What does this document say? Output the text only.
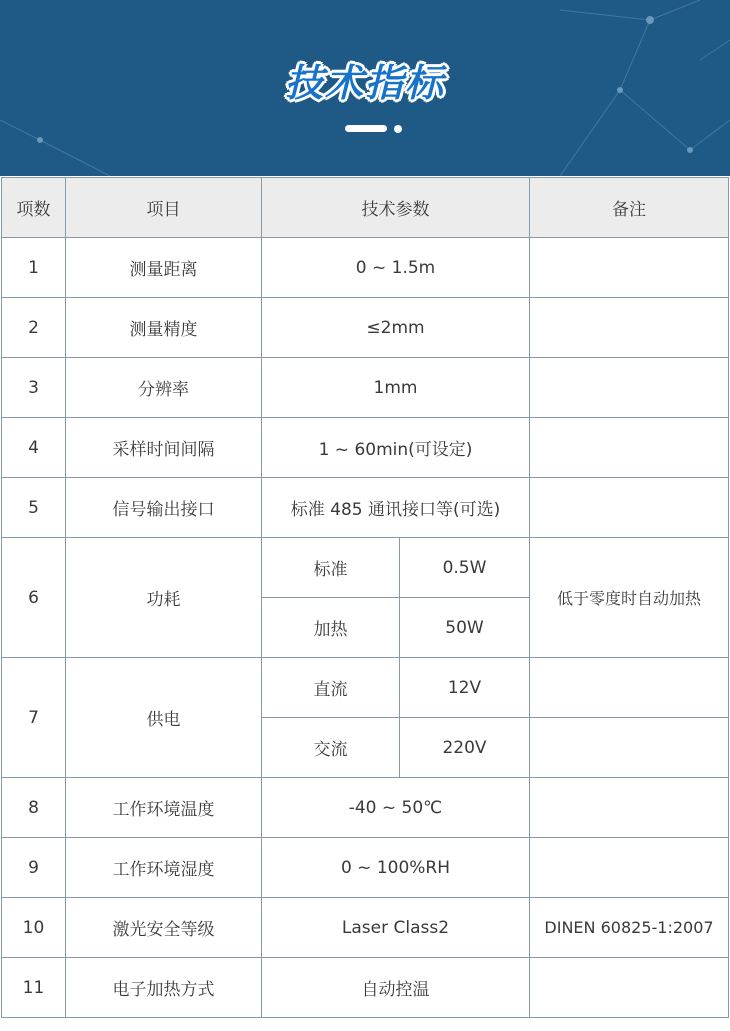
技术指标
项数	项目	技术参数		备注
1	测量距离	0 ~ 1.5m		
2	测量精度	≤2mm		
3	分辨率	1mm		
4	采样时间间隔	1 ~ 60min(可设定)		
5	信号输出接口	标准 485 通讯接口等(可选)		
6	功耗	标准	0.5W	低于零度时自动加热
		加热	50W	
7	供电	直流	12V	
		交流	220V	
8	工作环境温度	-40 ~ 50℃		
9	工作环境湿度	0 ~ 100%RH		
10	激光安全等级	Laser Class2		DINEN 60825-1:2007
11	电子加热方式	自动控温		
